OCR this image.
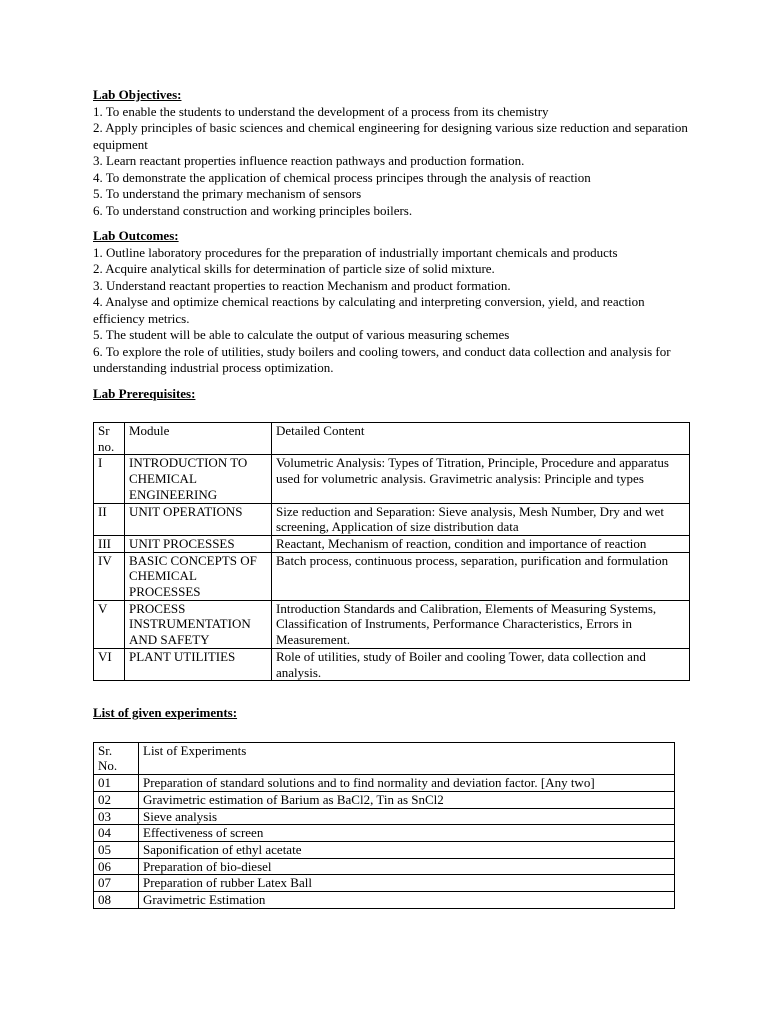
Lab Objectives:
1. To enable the students to understand the development of a process from its chemistry
2. Apply principles of basic sciences and chemical engineering for designing various size reduction and separation equipment
3. Learn reactant properties influence reaction pathways and production formation.
4. To demonstrate the application of chemical process principes through the analysis of reaction
5. To understand the primary mechanism of sensors
6. To understand construction and working principles boilers.
Lab Outcomes:
1. Outline laboratory procedures for the preparation of industrially important chemicals and products
2. Acquire analytical skills for determination of particle size of solid mixture.
3. Understand reactant properties to reaction Mechanism and product formation.
4. Analyse and optimize chemical reactions by calculating and interpreting conversion, yield, and reaction efficiency metrics.
5. The student will be able to calculate the output of various measuring schemes
6. To explore the role of utilities, study boilers and cooling towers, and conduct data collection and analysis for understanding industrial process optimization.
Lab Prerequisites:
Sr no.	Module	Detailed Content
I	INTRODUCTION TO CHEMICAL ENGINEERING	Volumetric Analysis: Types of Titration, Principle, Procedure and apparatus used for volumetric analysis. Gravimetric analysis: Principle and types
II	UNIT OPERATIONS	Size reduction and Separation: Sieve analysis, Mesh Number, Dry and wet screening, Application of size distribution data
III	UNIT PROCESSES	Reactant, Mechanism of reaction, condition and importance of reaction
IV	BASIC CONCEPTS OF CHEMICAL PROCESSES	Batch process, continuous process, separation, purification and formulation
V	PROCESS INSTRUMENTATION AND SAFETY	Introduction Standards and Calibration, Elements of Measuring Systems, Classification of Instruments, Performance Characteristics, Errors in Measurement.
VI	PLANT UTILITIES	Role of utilities, study of Boiler and cooling Tower, data collection and analysis.
List of given experiments:
Sr. No.	List of Experiments
01	Preparation of standard solutions and to find normality and deviation factor. [Any two]
02	Gravimetric estimation of Barium as BaCl2, Tin as SnCl2
03	Sieve analysis
04	Effectiveness of screen
05	Saponification of ethyl acetate
06	Preparation of bio-diesel
07	Preparation of rubber Latex Ball
08	Gravimetric Estimation
